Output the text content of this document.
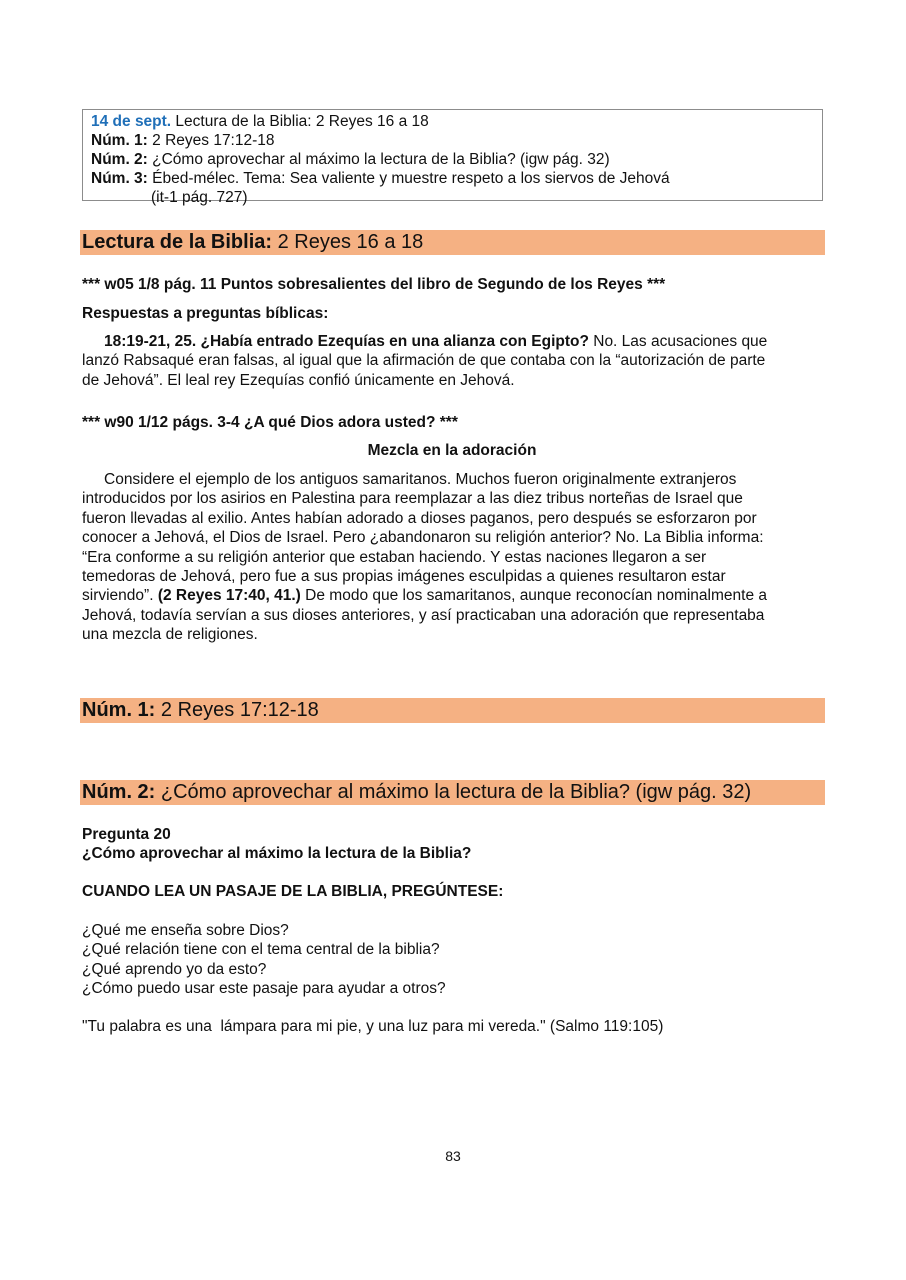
14 de sept. Lectura de la Biblia: 2 Reyes 16 a 18
Núm. 1: 2 Reyes 17:12-18
Núm. 2: ¿Cómo aprovechar al máximo la lectura de la Biblia? (igw pág. 32)
Núm. 3: Ébed-mélec. Tema: Sea valiente y muestre respeto a los siervos de Jehová
(it-1 pág. 727)
Lectura de la Biblia: 2 Reyes 16 a 18
*** w05 1/8 pág. 11 Puntos sobresalientes del libro de Segundo de los Reyes ***
Respuestas a preguntas bíblicas:
18:19-21, 25. ¿Había entrado Ezequías en una alianza con Egipto? No. Las acusaciones que
lanzó Rabsaqué eran falsas, al igual que la afirmación de que contaba con la “autorización de parte
de Jehová”. El leal rey Ezequías confió únicamente en Jehová.
*** w90 1/12 págs. 3-4 ¿A qué Dios adora usted? ***
Mezcla en la adoración
Considere el ejemplo de los antiguos samaritanos. Muchos fueron originalmente extranjeros
introducidos por los asirios en Palestina para reemplazar a las diez tribus norteñas de Israel que
fueron llevadas al exilio. Antes habían adorado a dioses paganos, pero después se esforzaron por
conocer a Jehová, el Dios de Israel. Pero ¿abandonaron su religión anterior? No. La Biblia informa:
“Era conforme a su religión anterior que estaban haciendo. Y estas naciones llegaron a ser
temedoras de Jehová, pero fue a sus propias imágenes esculpidas a quienes resultaron estar
sirviendo”. (2 Reyes 17:40, 41.) De modo que los samaritanos, aunque reconocían nominalmente a
Jehová, todavía servían a sus dioses anteriores, y así practicaban una adoración que representaba
una mezcla de religiones.
Núm. 1: 2 Reyes 17:12-18
Núm. 2: ¿Cómo aprovechar al máximo la lectura de la Biblia? (igw pág. 32)
Pregunta 20
¿Cómo aprovechar al máximo la lectura de la Biblia?
CUANDO LEA UN PASAJE DE LA BIBLIA, PREGÚNTESE:
¿Qué me enseña sobre Dios?
¿Qué relación tiene con el tema central de la biblia?
¿Qué aprendo yo da esto?
¿Cómo puedo usar este pasaje para ayudar a otros?
"Tu palabra es una  lámpara para mi pie, y una luz para mi vereda." (Salmo 119:105)
83
